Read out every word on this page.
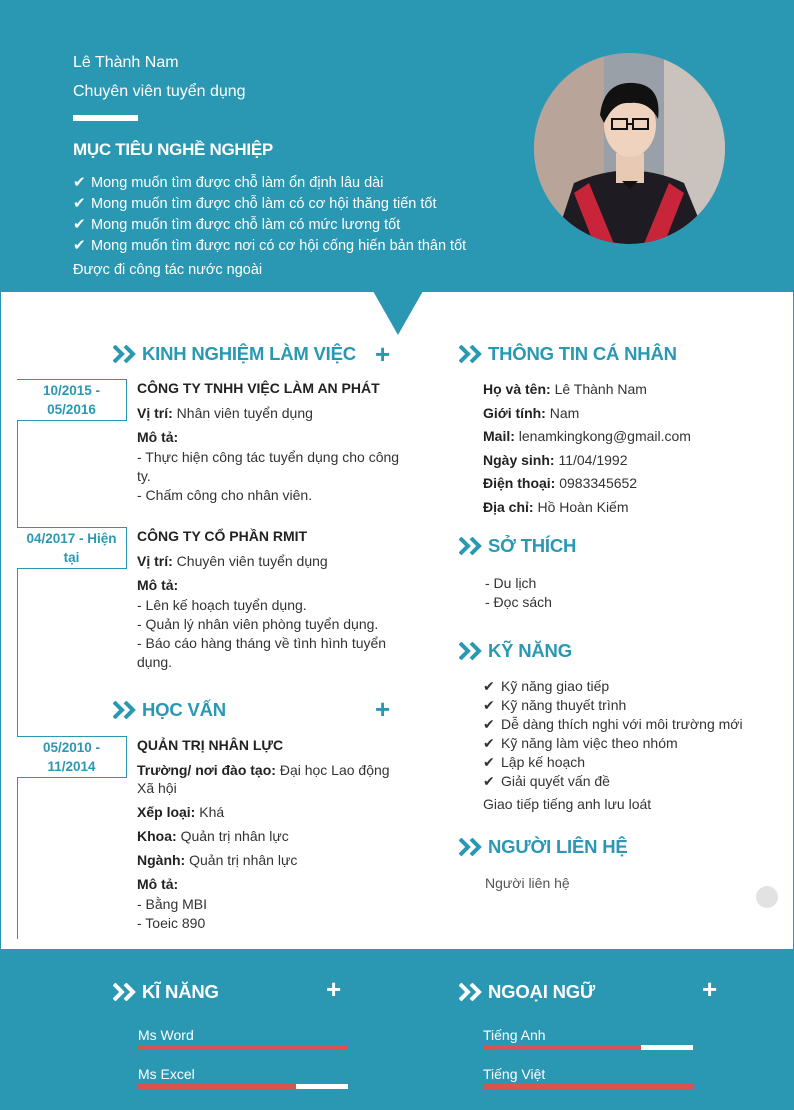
Lê Thành Nam
Chuyên viên tuyển dụng
MỤC TIÊU NGHỀ NGHIỆP
✔ Mong muốn tìm được chỗ làm ổn định lâu dài
✔ Mong muốn tìm được chỗ làm có cơ hội thăng tiến tốt
✔ Mong muốn tìm được chỗ làm có mức lương tốt
✔ Mong muốn tìm được nơi có cơ hội cống hiến bản thân tốt
Được đi công tác nước ngoài
KINH NGHIỆM LÀM VIỆC +
10/2015 - 05/2016
CÔNG TY TNHH VIỆC LÀM AN PHÁT
Vị trí: Nhân viên tuyển dụng
Mô tả:
- Thực hiện công tác tuyển dụng cho công ty.
- Chấm công cho nhân viên.
04/2017 - Hiện tại
CÔNG TY CỔ PHẦN RMIT
Vị trí: Chuyên viên tuyển dụng
Mô tả:
- Lên kế hoạch tuyển dụng.
- Quản lý nhân viên phòng tuyển dụng.
- Báo cáo hàng tháng về tình hình tuyển dụng.
HỌC VẤN	+
05/2010 - 11/2014
QUẢN TRỊ NHÂN LỰC
Trường/ nơi đào tạo: Đại học Lao động Xã hội
Xếp loại: Khá
Khoa: Quản trị nhân lực
Ngành: Quản trị nhân lực
Mô tả:
- Bằng MBI
- Toeic 890
THÔNG TIN CÁ NHÂN
Họ và tên: Lê Thành Nam
Giới tính: Nam
Mail: lenamkingkong@gmail.com
Ngày sinh: 11/04/1992
Điện thoại: 0983345652
Địa chỉ: Hồ Hoàn Kiếm
SỞ THÍCH
- Du lịch
- Đọc sách
KỸ NĂNG
✔ Kỹ năng giao tiếp
✔ Kỹ năng thuyết trình
✔ Dễ dàng thích nghi với môi trường mới
✔ Kỹ năng làm việc theo nhóm
✔ Lập kế hoạch
✔ Giải quyết vấn đề
Giao tiếp tiếng anh lưu loát
NGƯỜI LIÊN HỆ
Người liên hệ
KĨ NĂNG	+	NGOẠI NGỮ	+
Ms Word
Ms Excel
Tiếng Anh
Tiếng Việt
